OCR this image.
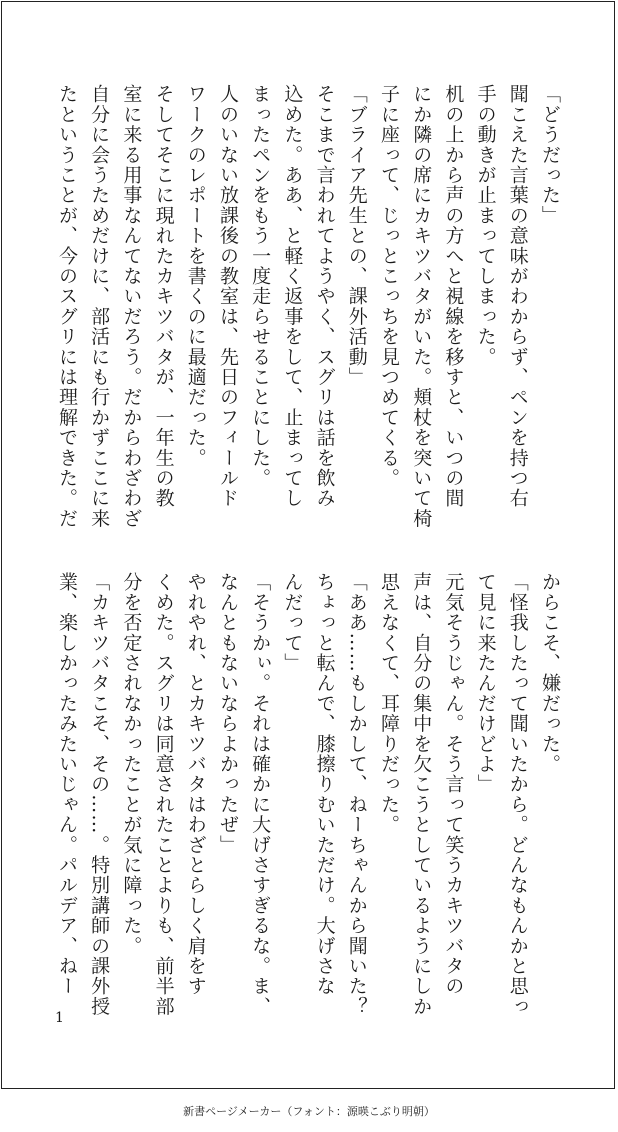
「どうだった」

聞こえた言葉の意味がわからず、ペンを持つ右

手の動きが止まってしまった。

机の上から声の方へと視線を移すと、いつの間

にか隣の席にカキツバタがいた。頬杖を突いて椅

子に座って、じっとこっちを見つめてくる。

「ブライア先生との、課外活動」

そこまで言われてようやく、スグリは話を飲み

込めた。ああ、と軽く返事をして、止まってし

まったペンをもう一度走らせることにした。

人のいない放課後の教室は、先日のフィールド

ワークのレポートを書くのに最適だった。

そしてそこに現れたカキツバタが、一年生の教

室に来る用事なんてないだろう。だからわざわざ

自分に会うためだけに、部活にも行かずここに来

たということが、今のスグリには理解できた。だ

からこそ、嫌だった。

「怪我したって聞いたから。どんなもんかと思っ

て見に来たんだけどよ」

元気そうじゃん。そう言って笑うカキツバタの

声は、自分の集中を欠こうとしているようにしか

思えなくて、耳障りだった。

「ああ……もしかして、ねーちゃんから聞いた？

ちょっと転んで、膝擦りむいただけ。大げさな

んだって」

「そうかぃ。それは確かに大げさすぎるな。ま、

なんともないならよかったぜ」

やれやれ、とカキツバタはわざとらしく肩をす

くめた。スグリは同意されたことよりも、前半部

分を否定されなかったことが気に障った。

「カキツバタこそ、その……。特別講師の課外授

業、楽しかったみたいじゃん。パルデア、ねー

1
新書ページメーカー（フォント：源暎こぶり明朝）
